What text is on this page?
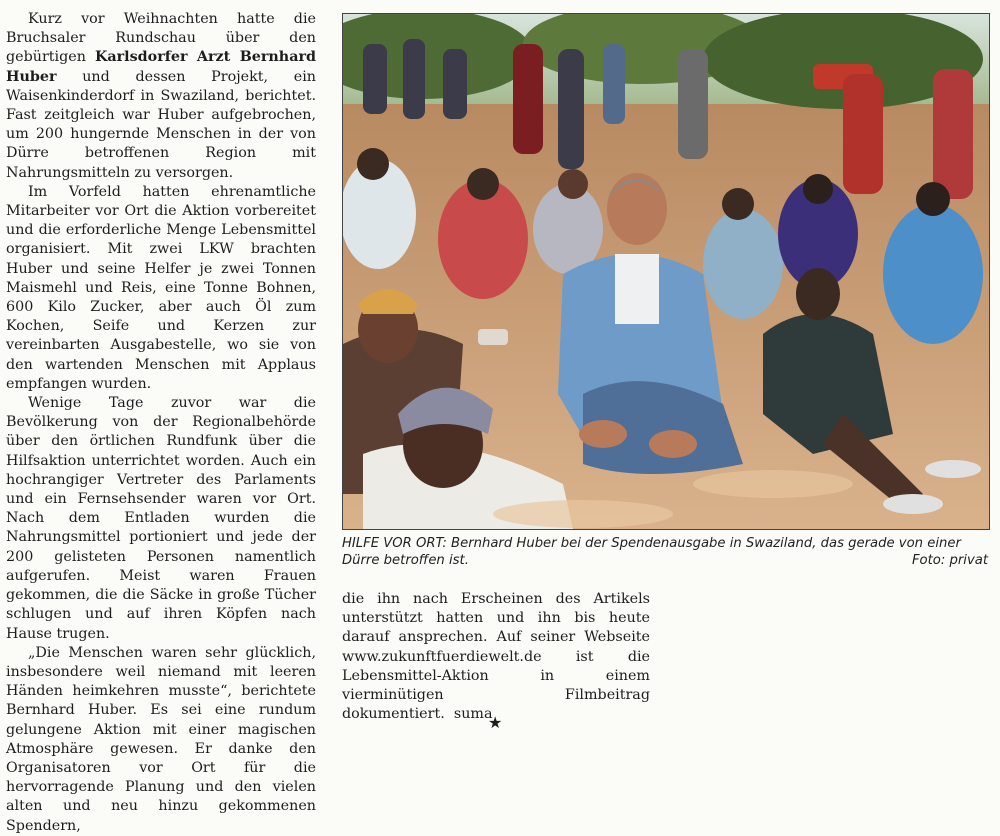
Kurz vor Weihnachten hatte die Bruchsaler Rundschau über den gebürtigen Karlsdorfer Arzt Bernhard Huber und dessen Projekt, ein Waisenkinderdorf in Swaziland, berichtet. Fast zeitgleich war Huber aufgebrochen, um 200 hungernde Menschen in der von Dürre betroffenen Region mit Nahrungsmitteln zu versorgen.

Im Vorfeld hatten ehrenamtliche Mitarbeiter vor Ort die Aktion vorbereitet und die erforderliche Menge Lebensmittel organisiert. Mit zwei LKW brachten Huber und seine Helfer je zwei Tonnen Maismehl und Reis, eine Tonne Bohnen, 600 Kilo Zucker, aber auch Öl zum Kochen, Seife und Kerzen zur vereinbarten Ausgabestelle, wo sie von den wartenden Menschen mit Applaus empfangen wurden.

Wenige Tage zuvor war die Bevölkerung von der Regionalbehörde über den örtlichen Rundfunk über die Hilfsaktion unterrichtet worden. Auch ein hochrangiger Vertreter des Parlaments und ein Fernsehsender waren vor Ort. Nach dem Entladen wurden die Nahrungsmittel portioniert und jede der 200 gelisteten Personen namentlich aufgerufen. Meist waren Frauen gekommen, die die Säcke in große Tücher schlugen und auf ihren Köpfen nach Hause trugen.

„Die Menschen waren sehr glücklich, insbesondere weil niemand mit leeren Händen heimkehren musste“, berichtete Bernhard Huber. Es sei eine rundum gelungene Aktion mit einer magischen Atmosphäre gewesen. Er danke den Organisatoren vor Ort für die hervorragende Planung und den vielen alten und neu hinzu gekommenen Spendern,

HILFE VOR ORT: Bernhard Huber bei der Spendenausgabe in Swaziland, das gerade von einer Dürre betroffen ist.	Foto: privat

die ihn nach Erscheinen des Artikels unterstützt hatten und ihn bis heute darauf ansprechen. Auf seiner Webseite www.zukunftfuerdiewelt.de ist die Lebensmittel-Aktion in einem vierminütigen Filmbeitrag dokumentiert. suma

★
